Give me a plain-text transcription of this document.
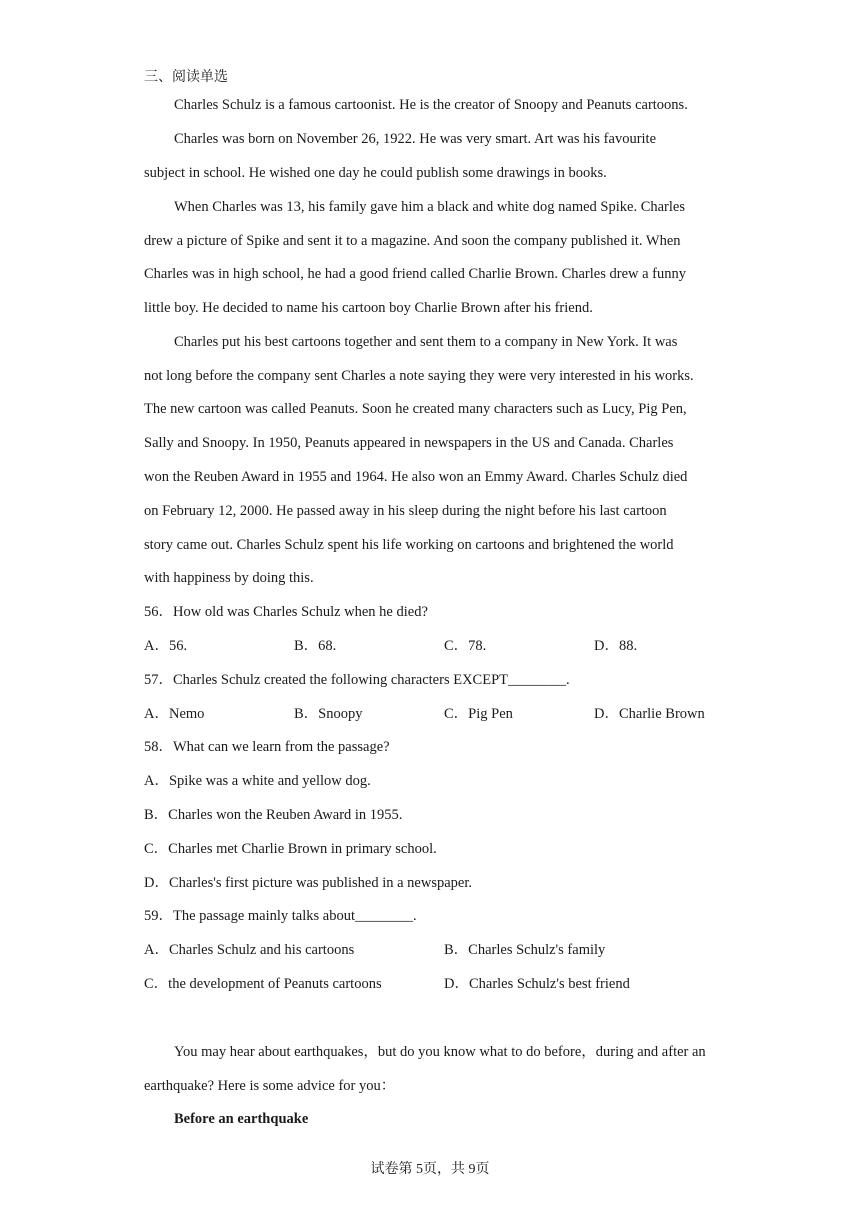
三、阅读单选
Charles Schulz is a famous cartoonist. He is the creator of Snoopy and Peanuts cartoons.
Charles was born on November 26, 1922. He was very smart. Art was his favourite
subject in school. He wished one day he could publish some drawings in books.
When Charles was 13, his family gave him a black and white dog named Spike. Charles
drew a picture of Spike and sent it to a magazine. And soon the company published it. When
Charles was in high school, he had a good friend called Charlie Brown. Charles drew a funny
little boy. He decided to name his cartoon boy Charlie Brown after his friend.
Charles put his best cartoons together and sent them to a company in New York. It was
not long before the company sent Charles a note saying they were very interested in his works.
The new cartoon was called Peanuts. Soon he created many characters such as Lucy, Pig Pen,
Sally and Snoopy. In 1950, Peanuts appeared in newspapers in the US and Canada. Charles
won the Reuben Award in 1955 and 1964. He also won an Emmy Award. Charles Schulz died
on February 12, 2000. He passed away in his sleep during the night before his last cartoon
story came out. Charles Schulz spent his life working on cartoons and brightened the world
with happiness by doing this.
56．How old was Charles Schulz when he died?
A．56.	B．68.	C．78.	D．88.
57．Charles Schulz created the following characters EXCEPT________.
A．Nemo	B．Snoopy	C．Pig Pen	D．Charlie Brown
58．What can we learn from the passage?
A．Spike was a white and yellow dog.
B．Charles won the Reuben Award in 1955.
C．Charles met Charlie Brown in primary school.
D．Charles's first picture was published in a newspaper.
59．The passage mainly talks about________.
A．Charles Schulz and his cartoons	B．Charles Schulz's family
C．the development of Peanuts cartoons	D．Charles Schulz's best friend
You may hear about earthquakes，but do you know what to do before，during and after an
earthquake? Here is some advice for you：
Before an earthquake
试卷第 5页，共 9页
